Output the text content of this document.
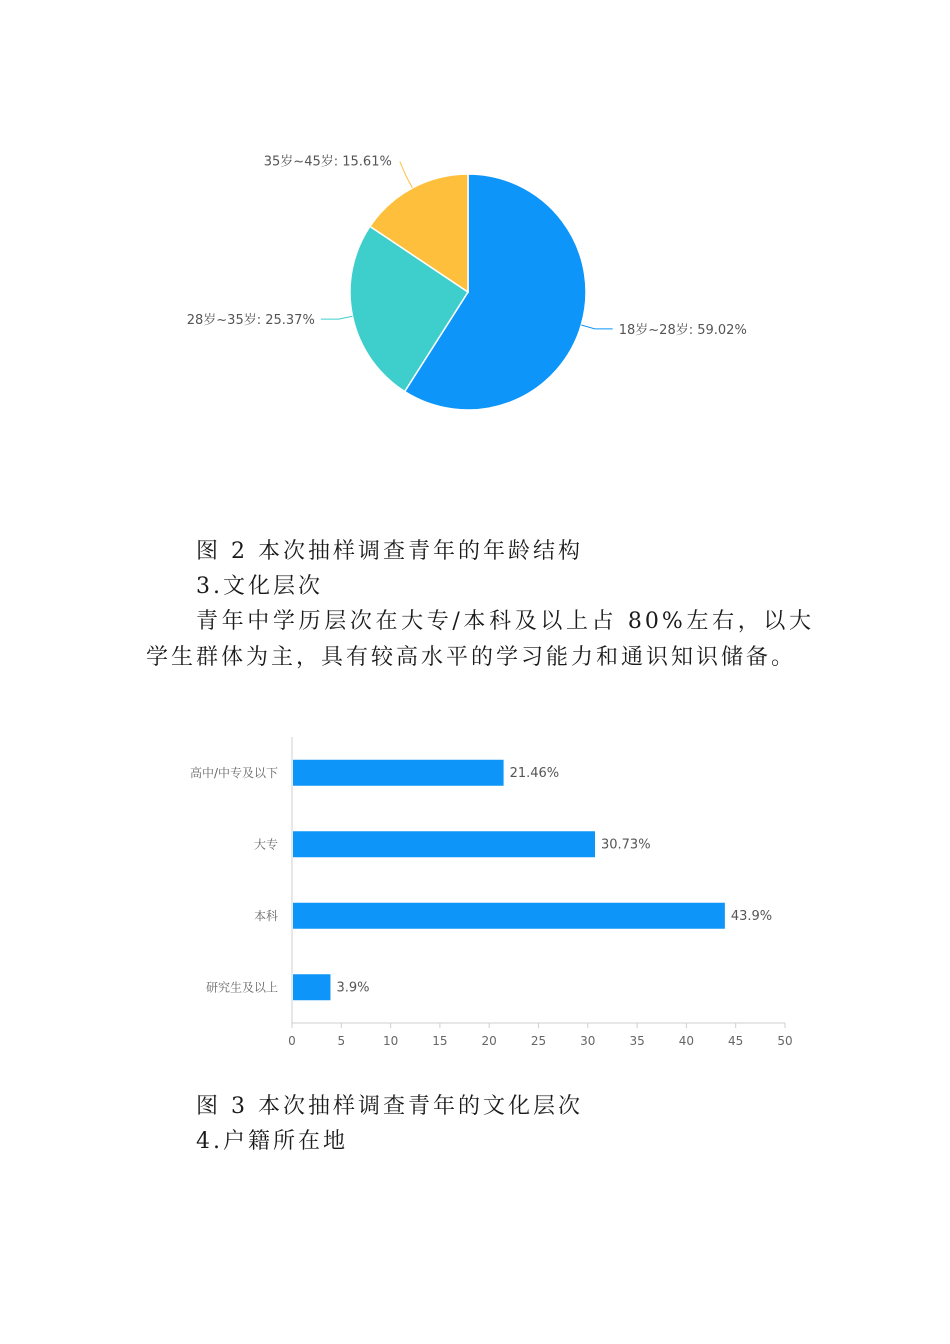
18岁~28岁: 59.02%
28岁~35岁: 25.37%
35岁~45岁: 15.61%

图 2 本次抽样调查青年的年龄结构

3.文化层次

青年中学历层次在大专/本科及以上占 80%左右，以大学生群体为主，具有较高水平的学习能力和通识知识储备。

高中/中专及以下	21.46%
大专	30.73%
本科	43.9%
研究生及以上	3.9%
0	5	10	15	20	25	30	35	40	45	50

图 3 本次抽样调查青年的文化层次

4.户籍所在地
